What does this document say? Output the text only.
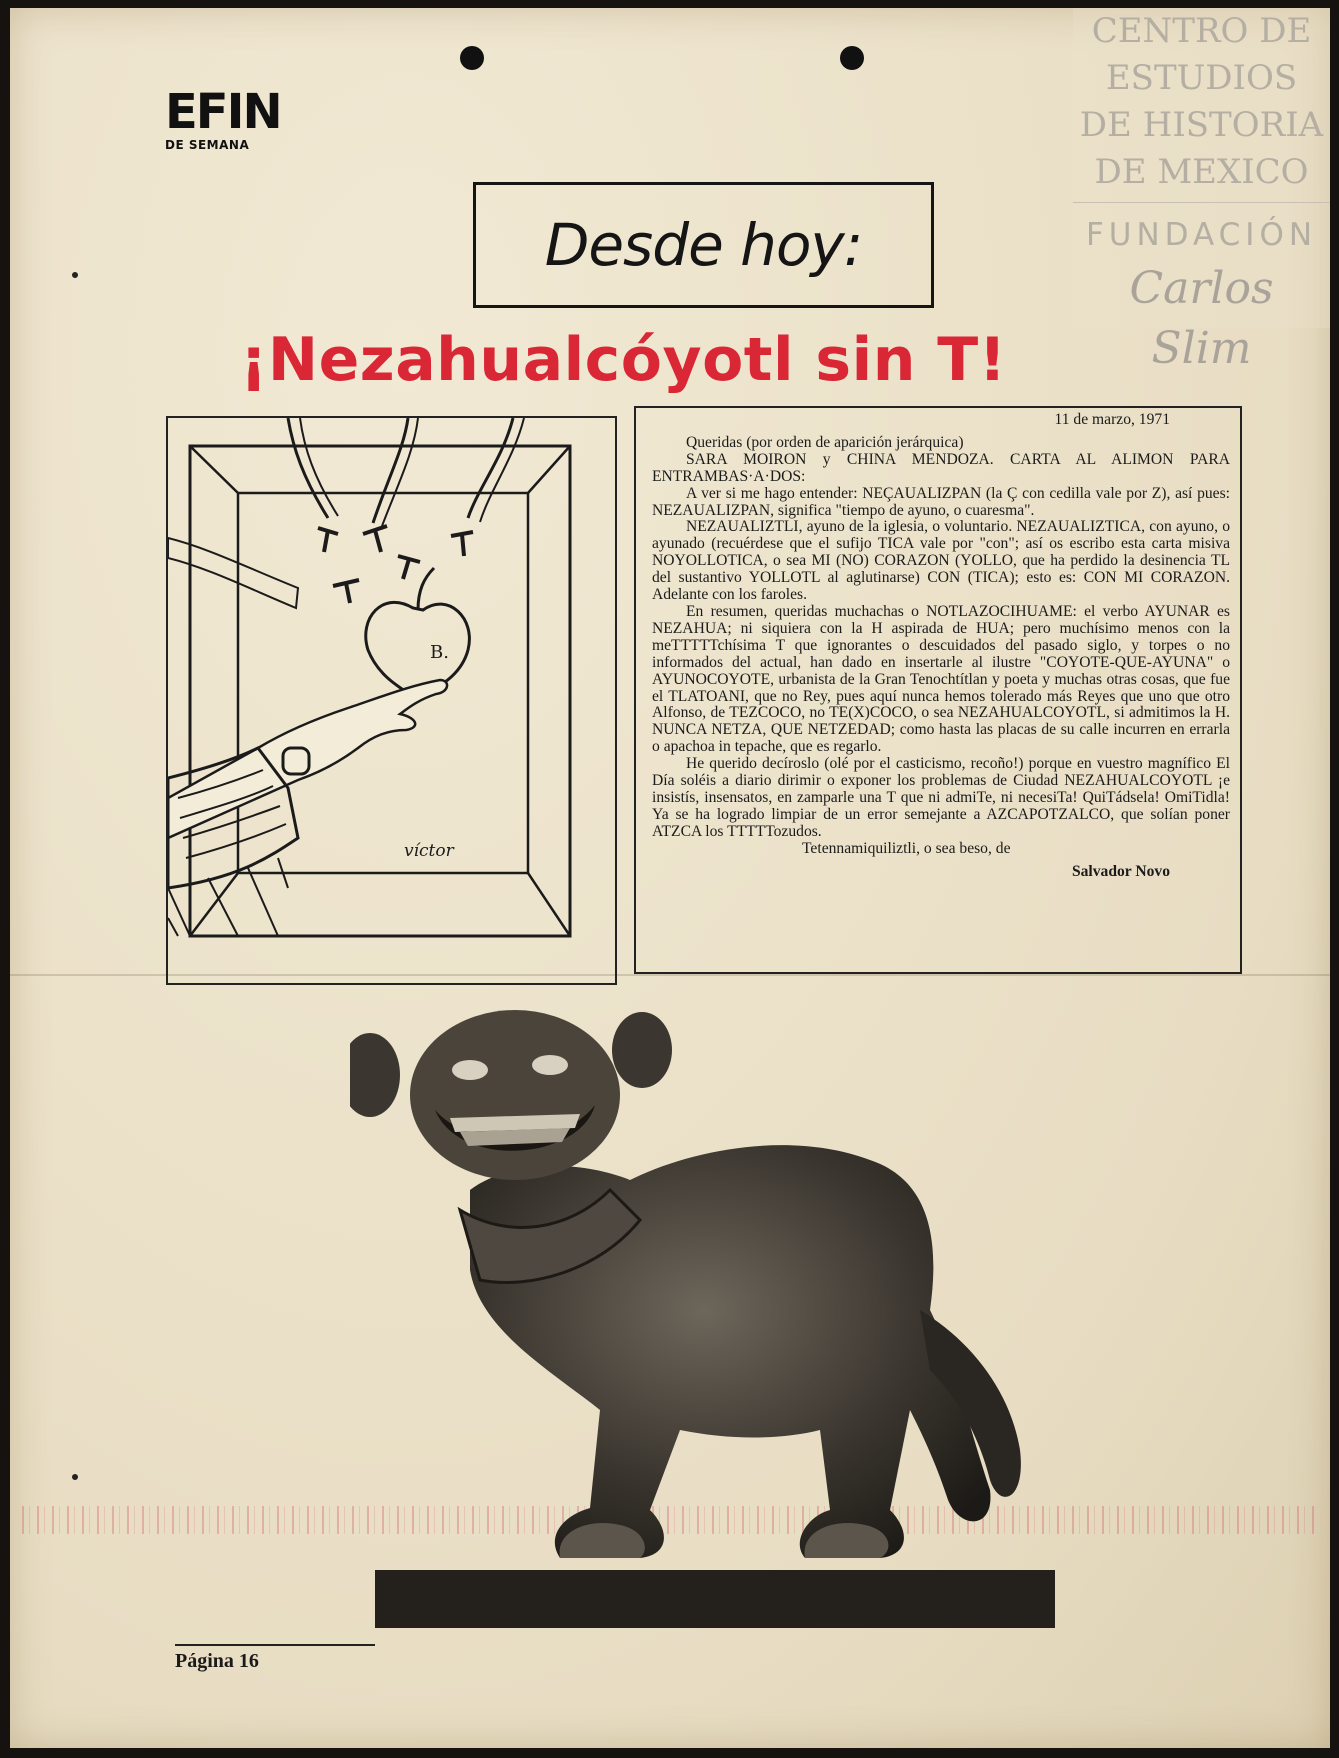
EFIN
DE SEMANA
CENTRO DE
ESTUDIOS
DE HISTORIA
DE MEXICO
FUNDACIÓN
Carlos Slim
Desde hoy:
¡Nezahualcóyotl sin T!
B.
víctor

11 de marzo, 1971

Queridas (por orden de aparición jerárquica)

SARA MOIRON y CHINA MENDOZA. CARTA AL ALIMON PARA ENTRAMBAS·A·DOS:

A ver si me hago entender: NEÇAUALIZPAN (la Ç con cedilla vale por Z), así pues: NEZAUALIZPAN, significa "tiempo de ayuno, o cuaresma".

NEZAUALIZTLI, ayuno de la iglesia, o voluntario. NEZAUALIZTICA, con ayuno, o ayunado (recuérdese que el sufijo TICA vale por "con"; así os escribo esta carta misiva NOYOLLOTICA, o sea MI (NO) CORAZON (YOLLO, que ha perdido la desinencia TL del sustantivo YOLLOTL al aglutinarse) CON (TICA); esto es: CON MI CORAZON. Adelante con los faroles.

En resumen, queridas muchachas o NOTLAZOCIHUAME: el verbo AYUNAR es NEZAHUA; ni siquiera con la H aspirada de HUA; pero muchísimo menos con la meTTTTTchísima T que ignorantes o descuidados del pasado siglo, y torpes o no informados del actual, han dado en insertarle al ilustre "COYOTE-QUE-AYUNA" o AYUNOCOYOTE, urbanista de la Gran Tenochtítlan y poeta y muchas otras cosas, que fue el TLATOANI, que no Rey, pues aquí nunca hemos tolerado más Reyes que uno que otro Alfonso, de TEZCOCO, no TE(X)COCO, o sea NEZAHUALCOYOTL, si admitimos la H. NUNCA NETZA, QUE NETZEDAD; como hasta las placas de su calle incurren en errarla o apachoa in tepache, que es regarlo.

He querido decíroslo (olé por el casticismo, recoño!) porque en vuestro magnífico El Día soléis a diario dirimir o exponer los problemas de Ciudad NEZAHUALCOYOTL ¡e insistís, insensatos, en zamparle una T que ni admiTe, ni necesiTa! QuiTádsela! OmiTidla! Ya se ha logrado limpiar de un error semejante a AZCAPOTZALCO, que solían poner ATZCA los TTTTTozudos.

Tetennamiquiliztli, o sea beso, de

Salvador Novo

Página 16
